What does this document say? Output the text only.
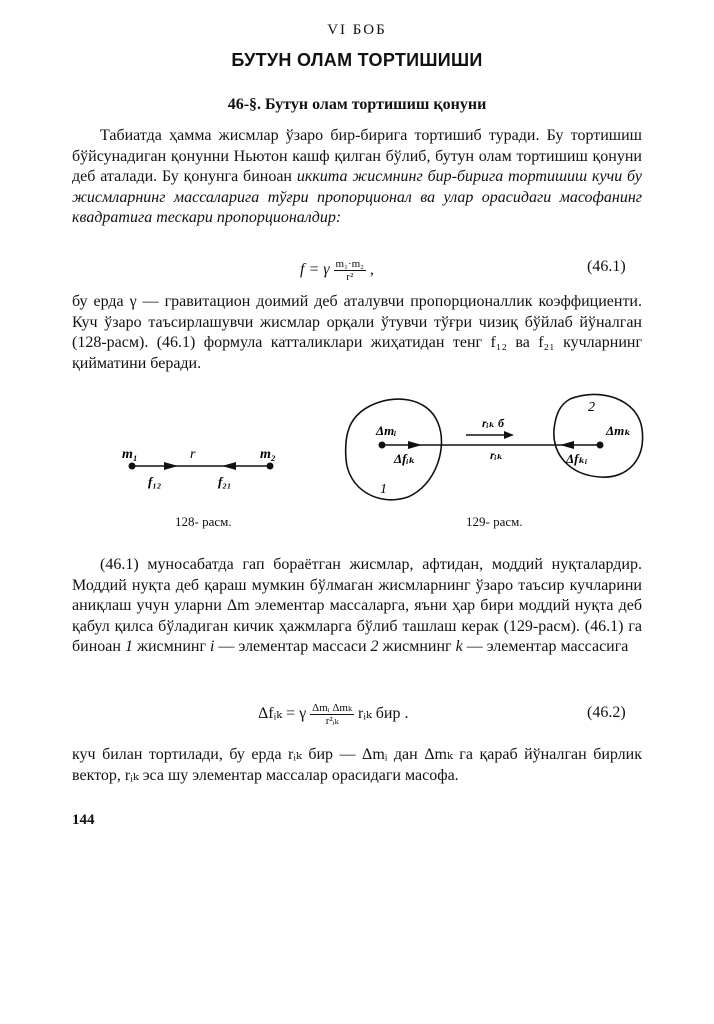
VI БОБ
БУТУН ОЛАМ ТОРТИШИШИ
46-§. Бутун олам тортишиш қонуни

Табиатда ҳамма жисмлар ўзаро бир-бирига тортишиб туради. Бу тортишиш бўйсунадиган қонунни Ньютон кашф қилган бўлиб, бутун олам тортишиш қонуни деб аталади. Бу қонунга биноан иккита жисмнинг бир-бирига тортишиш кучи бу жисмларнинг массаларига тўғри пропорционал ва улар орасидаги масофанинг квадратига тескари пропорционалдир:

f = γ $\frac{\text{m₁·m₂}}{\text{r²}}$ ,	(46.1)

бу ерда γ — гравитацион доимий деб аталувчи пропорционаллик коэффициенти. Куч ўзаро таъсирлашувчи жисмлар орқали ўтувчи тўғри чизиқ бўйлаб йўналган (128-расм). (46.1) формула катталиклари жиҳатидан тенг f₁₂ ва f₂₁ кучларнинг қийматини беради.

m₁	r	m₂
f₁₂	f₂₁
128- расм.
Δmᵢ
Δfᵢₖ
Δmₖ
Δfₖᵢ
rᵢₖ б
rᵢₖ
1
2
129- расм.

(46.1) муносабатда гап бораётган жисмлар, афтидан, моддий нуқталардир. Моддий нуқта деб қараш мумкин бўлмаган жисмларнинг ўзаро таъсир кучларини аниқлаш учун уларни Δm элементар массаларга, яъни ҳар бири моддий нуқта деб қабул қилса бўладиган кичик ҳажмларга бўлиб ташлаш керак (129-расм). (46.1) га биноан 1 жисмнинг i — элементар массаси 2 жисмнинг k — элементар массасига

Δfᵢₖ = γ $\frac{\text{Δmᵢ Δmₖ}}{\text{r²ᵢₖ}}$ rᵢₖ бир .	(46.2)

куч билан тортилади, бу ерда rᵢₖ бир — Δmᵢ дан Δmₖ га қараб йўналган бирлик вектор, rᵢₖ эса шу элементар массалар орасидаги масофа.

144
